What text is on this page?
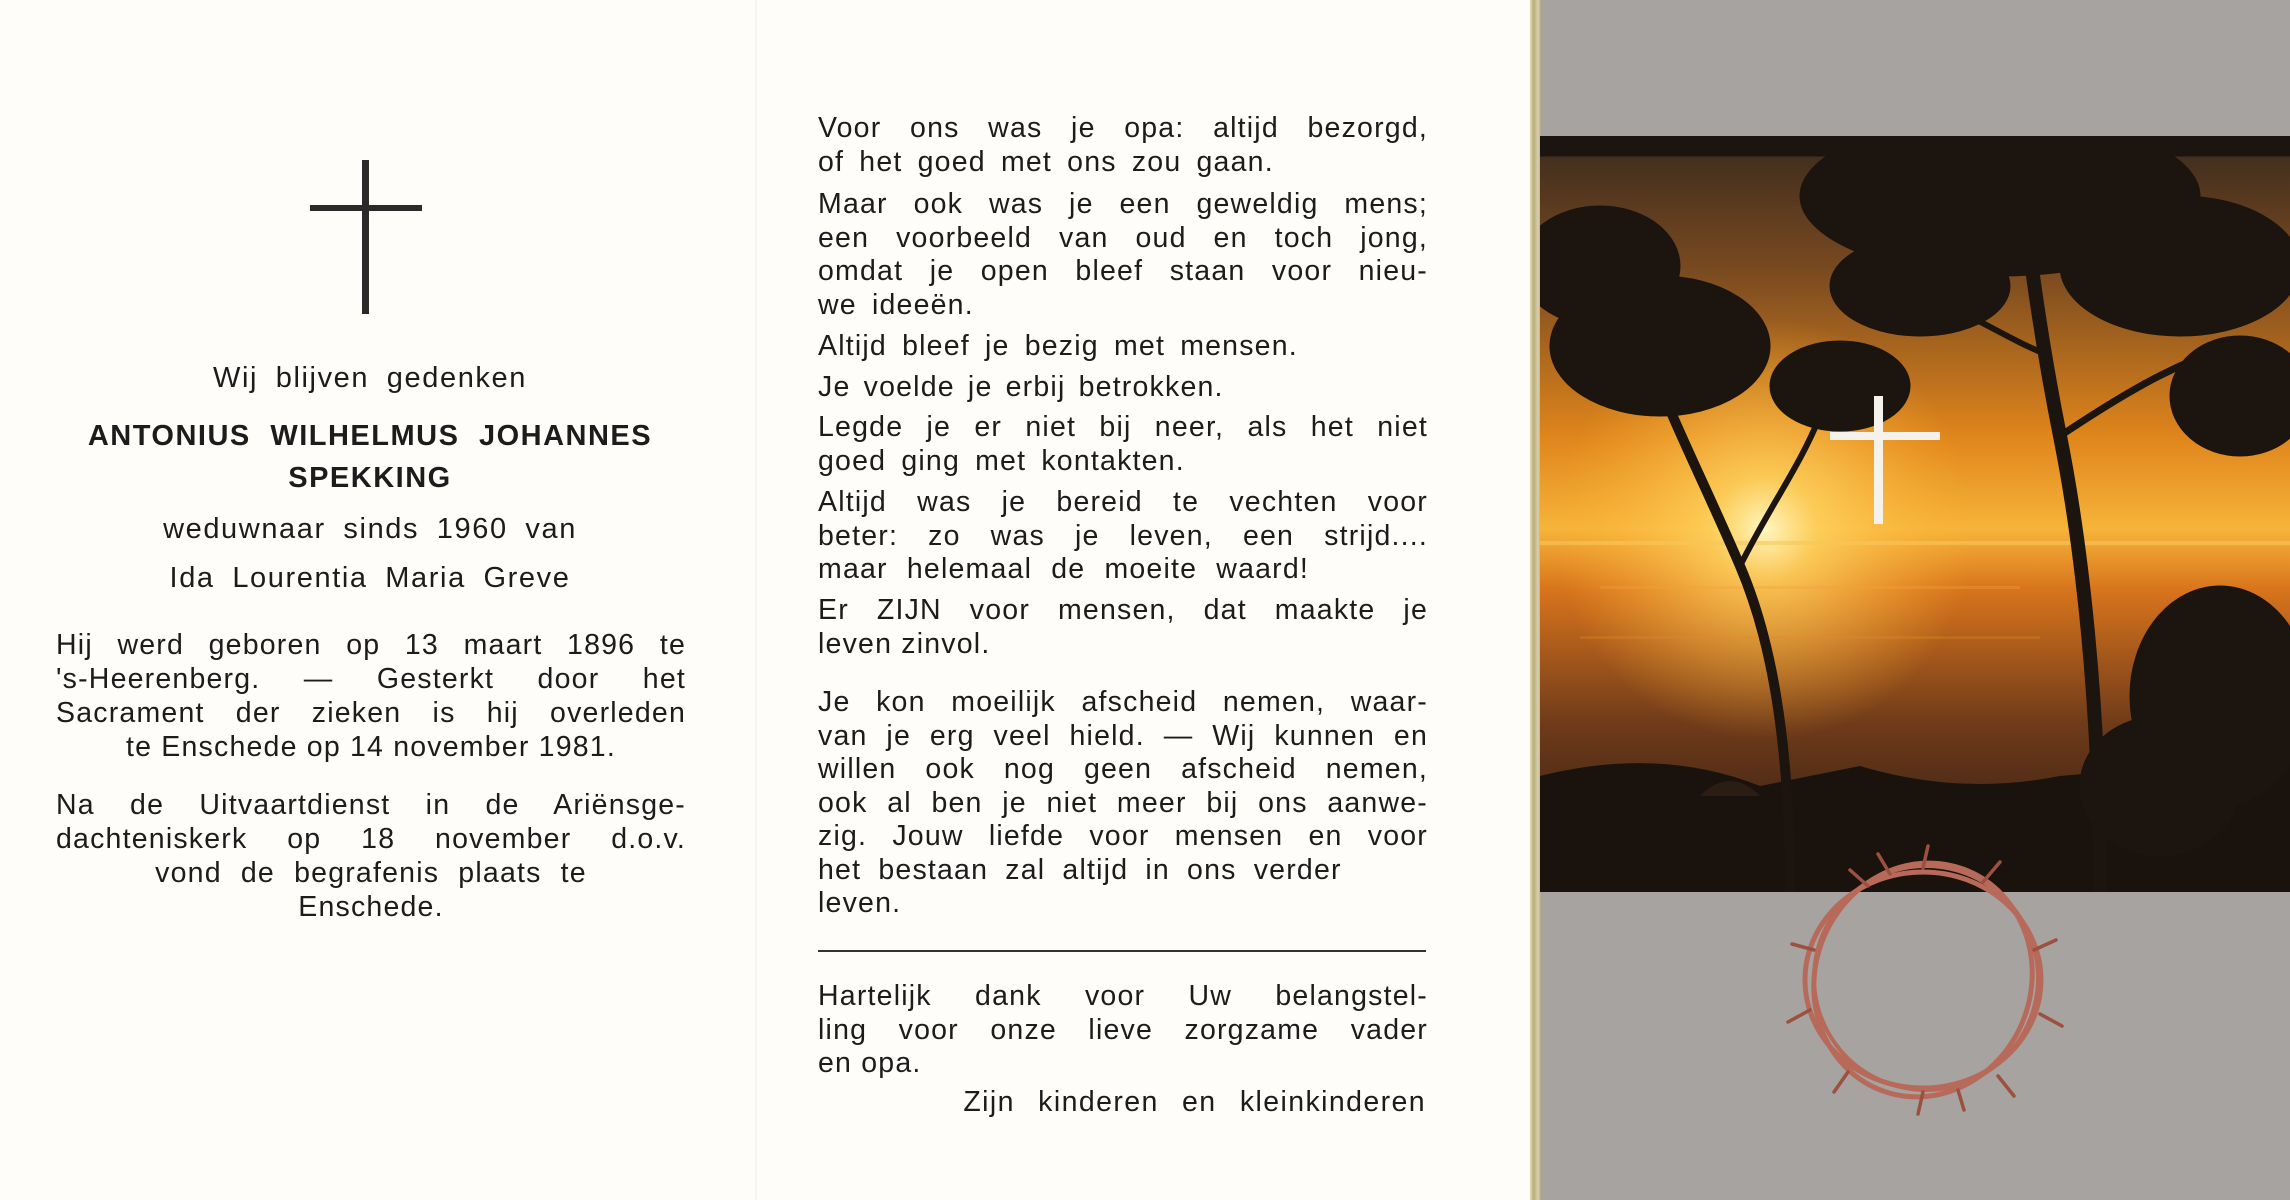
Wij blijven gedenken
ANTONIUS WILHELMUS JOHANNES
SPEKKING
weduwnaar sinds 1960 van
Ida Lourentia Maria Greve
Hij werd geboren op 13 maart 1896 te
's-Heerenberg. — Gesterkt door het
Sacrament der zieken is hij overleden
te Enschede op 14 november 1981.
Na de Uitvaartdienst in de Ariënsge-
dachteniskerk op 18 november d.o.v.
vond de begrafenis plaats te
Enschede.
Voor ons was je opa: altijd bezorgd,
of het goed met ons zou gaan.
Maar ook was je een geweldig mens;
een voorbeeld van oud en toch jong,
omdat je open bleef staan voor nieu-
we ideeën.
Altijd bleef je bezig met mensen.
Je voelde je erbij betrokken.
Legde je er niet bij neer, als het niet
goed ging met kontakten.
Altijd was je bereid te vechten voor
beter: zo was je leven, een strijd....
maar helemaal de moeite waard!
Er ZIJN voor mensen, dat maakte je
leven zinvol.
Je kon moeilijk afscheid nemen, waar-
van je erg veel hield. — Wij kunnen en
willen ook nog geen afscheid nemen,
ook al ben je niet meer bij ons aanwe-
zig. Jouw liefde voor mensen en voor
het bestaan zal altijd in ons verder
leven.
Hartelijk dank voor Uw belangstel-
ling voor onze lieve zorgzame vader
en opa.
Zijn kinderen en kleinkinderen
